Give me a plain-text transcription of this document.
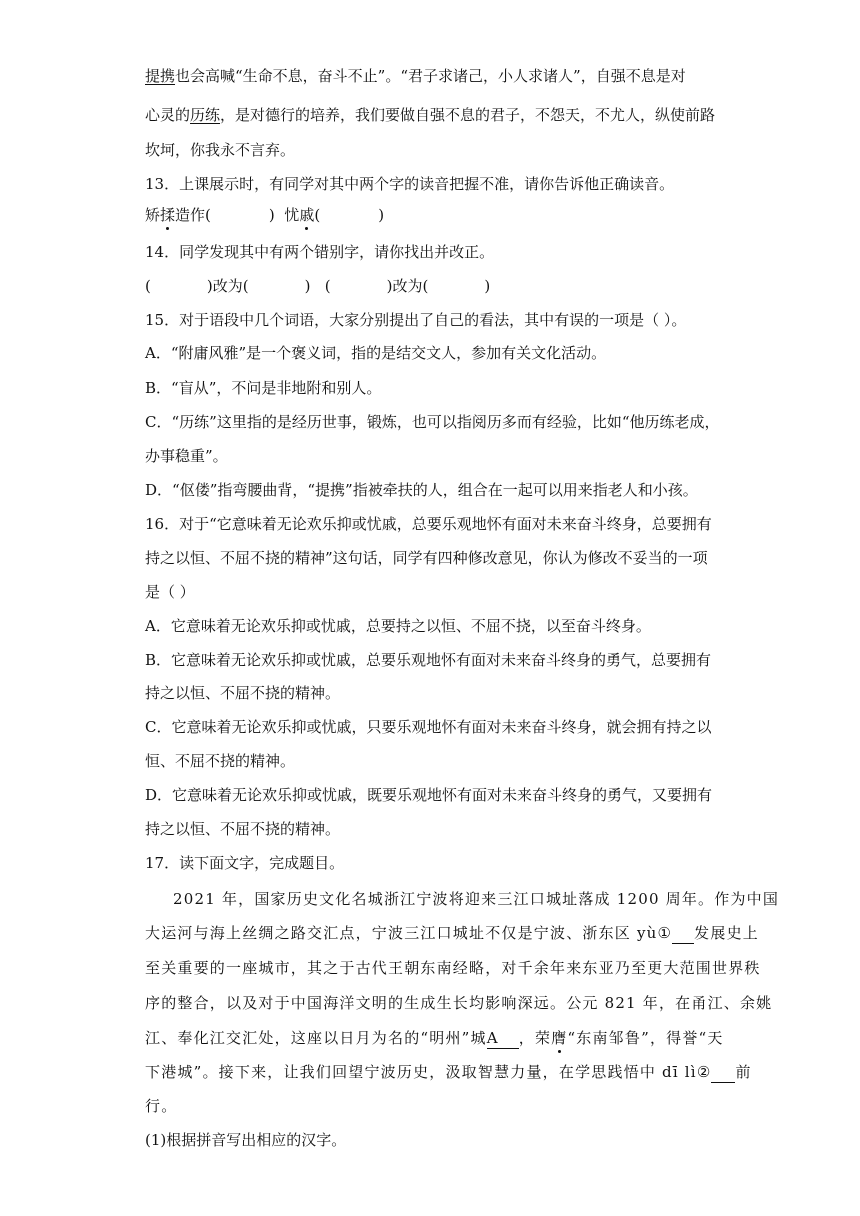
提携也会高喊“生命不息，奋斗不止”。“君子求诸己，小人求诸人”，自强不息是对
心灵的历练，是对德行的培养，我们要做自强不息的君子，不怨天，不尤人，纵使前路
坎坷，你我永不言弃。
13．上课展示时，有同学对其中两个字的读音把握不准，请你告诉他正确读音。
矫揉造作(	) 忧戚(	)
14．同学发现其中有两个错别字，请你找出并改正。
(	)改为(	) (	)改为(	)
15．对于语段中几个词语，大家分别提出了自己的看法，其中有误的一项是（ ）。
A．“附庸风雅”是一个褒义词，指的是结交文人，参加有关文化活动。
B．“盲从”，不问是非地附和别人。
C．“历练”这里指的是经历世事，锻炼，也可以指阅历多而有经验，比如“他历练老成，
办事稳重”。
D．“伛偻”指弯腰曲背，“提携”指被牵扶的人，组合在一起可以用来指老人和小孩。
16．对于“它意味着无论欢乐抑或忧戚，总要乐观地怀有面对未来奋斗终身，总要拥有
持之以恒、不屈不挠的精神”这句话，同学有四种修改意见，你认为修改不妥当的一项
是（ ）
A．它意味着无论欢乐抑或忧戚，总要持之以恒、不屈不挠，以至奋斗终身。
B．它意味着无论欢乐抑或忧戚，总要乐观地怀有面对未来奋斗终身的勇气，总要拥有
持之以恒、不屈不挠的精神。
C．它意味着无论欢乐抑或忧戚，只要乐观地怀有面对未来奋斗终身，就会拥有持之以
恒、不屈不挠的精神。
D．它意味着无论欢乐抑或忧戚，既要乐观地怀有面对未来奋斗终身的勇气，又要拥有
持之以恒、不屈不挠的精神。
17．读下面文字，完成题目。
2021 年，国家历史文化名城浙江宁波将迎来三江口城址落成 1200 周年。作为中国
大运河与海上丝绸之路交汇点，宁波三江口城址不仅是宁波、浙东区 yù① 发展史上
至关重要的一座城市，其之于古代王朝东南经略，对千余年来东亚乃至更大范围世界秩
序的整合，以及对于中国海洋文明的生成生长均影响深远。公元 821 年，在甬江、余姚
江、奉化江交汇处，这座以日月为名的“明州”城A ，荣膺“东南邹鲁”，得誉“天
下港城”。接下来，让我们回望宁波历史，汲取智慧力量，在学思践悟中 dī lì② 前
行。
(1)根据拼音写出相应的汉字。
